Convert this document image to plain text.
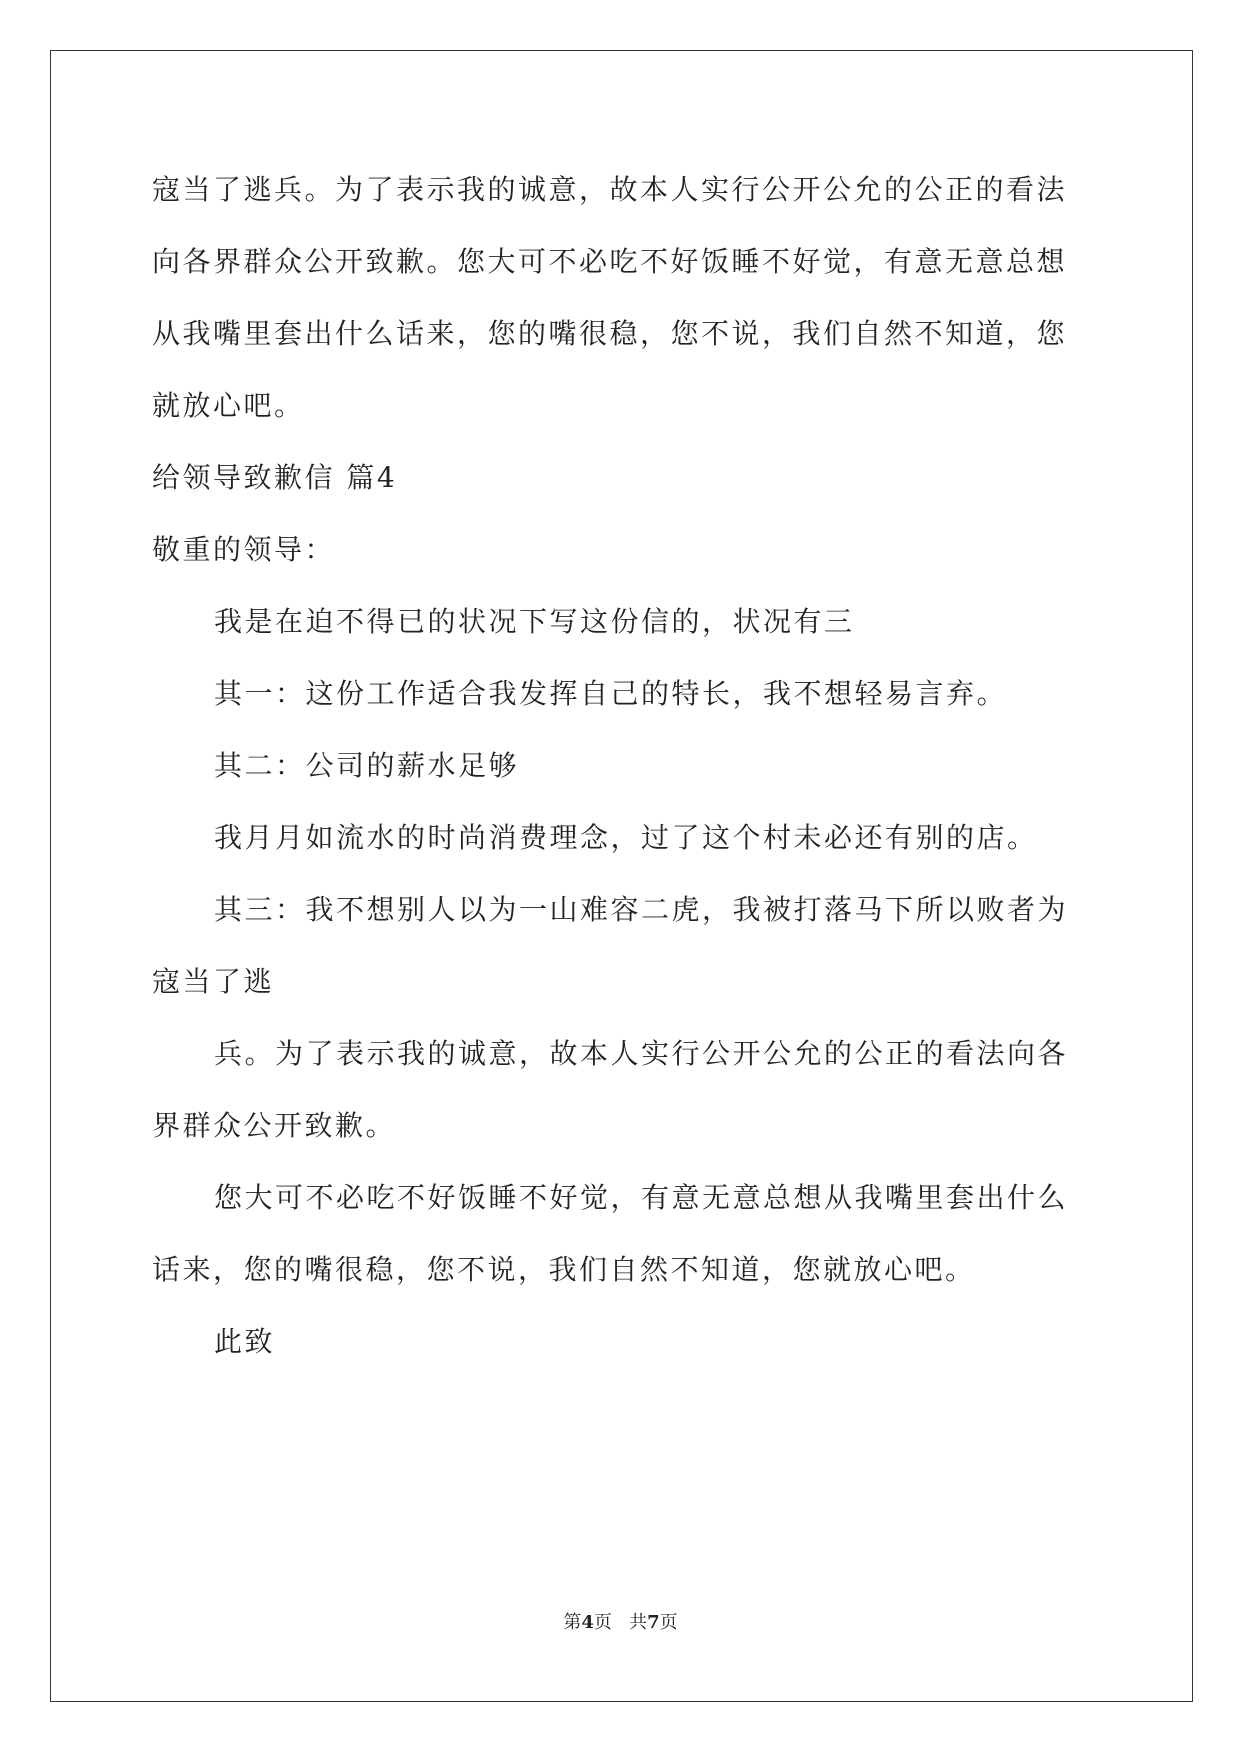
寇当了逃兵。为了表示我的诚意，故本人实行公开公允的公正的看法

向各界群众公开致歉。您大可不必吃不好饭睡不好觉，有意无意总想

从我嘴里套出什么话来，您的嘴很稳，您不说，我们自然不知道，您

就放心吧。

给领导致歉信 篇4

敬重的领导：

我是在迫不得已的状况下写这份信的，状况有三

其一：这份工作适合我发挥自己的特长，我不想轻易言弃。

其二：公司的薪水足够

我月月如流水的时尚消费理念，过了这个村未必还有别的店。

其三：我不想别人以为一山难容二虎，我被打落马下所以败者为

寇当了逃

兵。为了表示我的诚意，故本人实行公开公允的公正的看法向各

界群众公开致歉。

您大可不必吃不好饭睡不好觉，有意无意总想从我嘴里套出什么

话来，您的嘴很稳，您不说，我们自然不知道，您就放心吧。

此致

第4页 共7页
